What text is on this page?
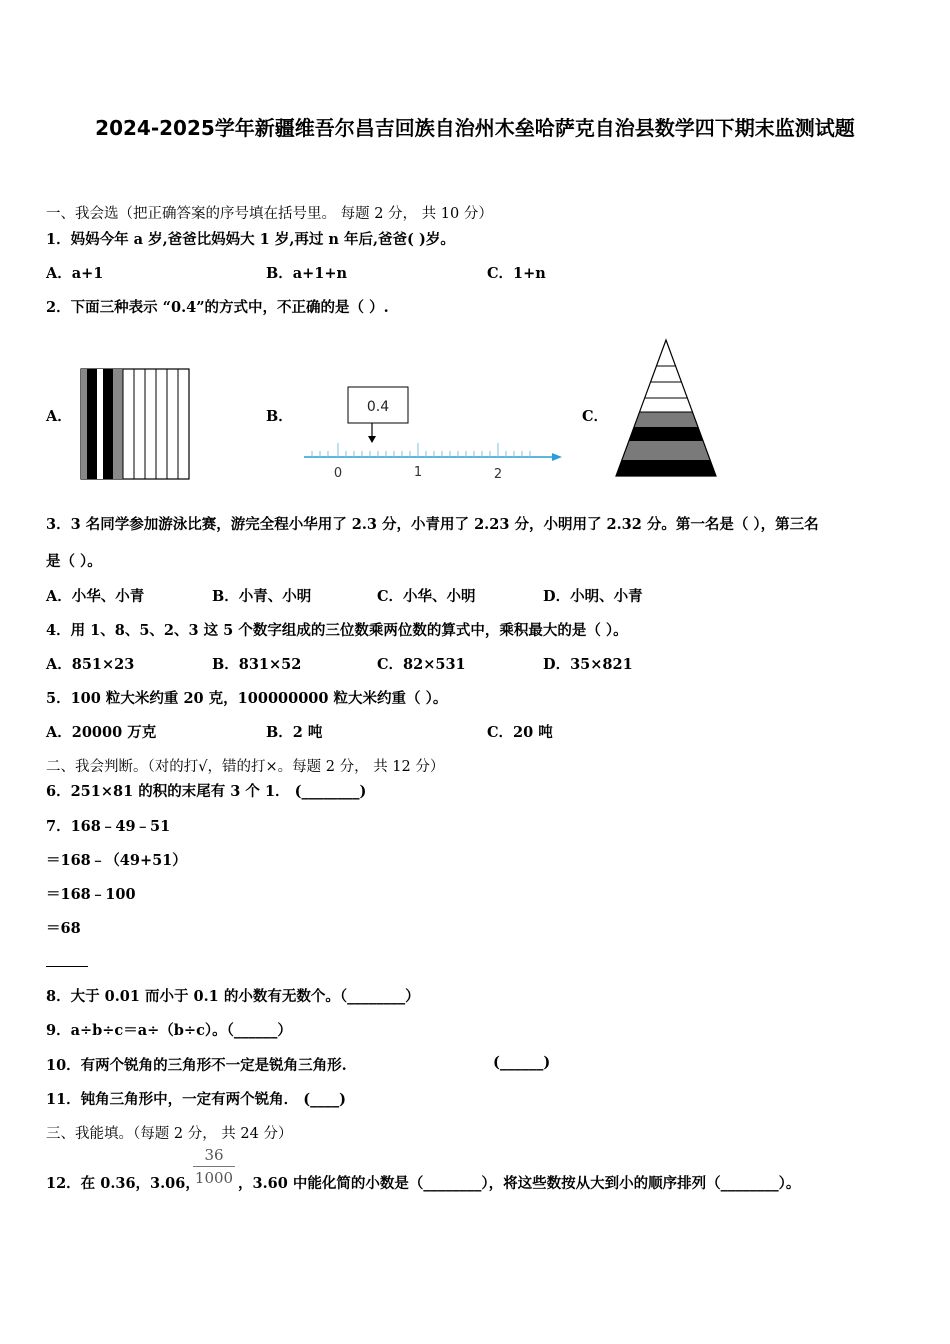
2024-2025学年新疆维吾尔昌吉回族自治州木垒哈萨克自治县数学四下期末监测试题
一、我会选（把正确答案的序号填在括号里。 每题 2 分， 共 10 分）
1．妈妈今年 a 岁,爸爸比妈妈大 1 岁,再过 n 年后,爸爸( )岁。
A．a+1	B．a+1+n	C．1+n
2．下面三种表示 “0.4”的方式中，不正确的是（ ）.
A．	B．	C．
0.4
0	1	2
3．3 名同学参加游泳比赛，游完全程小华用了 2.3 分，小青用了 2.23 分，小明用了 2.32 分。第一名是（ ），第三名
是（ ）。
A．小华、小青	B．小青、小明	C．小华、小明	D．小明、小青
4．用 1、8、5、2、3 这 5 个数字组成的三位数乘两位数的算式中，乘积最大的是（ ）。
A．851×23	B．831×52	C．82×531	D．35×821
5．100 粒大米约重 20 克，100000000 粒大米约重（ ）。
A．20000 万克	B．2 吨	C．20 吨
二、我会判断。（对的打√，错的打×。每题 2 分， 共 12 分）
6．251×81 的积的末尾有 3 个 1． (________)
7．168﹣49﹣51
＝168﹣（49+51）
＝168﹣100
＝68
8．大于 0.01 而小于 0.1 的小数有无数个。（________）
9．a÷b÷c＝a÷（b÷c）。（______）
10．有两个锐角的三角形不一定是锐角三角形.	(______)
11．钝角三角形中，一定有两个锐角． (____)
三、我能填。（每题 2 分， 共 24 分）
12．在 0.36，3.06，
$\frac{36}{1000}$ ，3.60 中能化简的小数是（________），将这些数按从大到小的顺序排列（________）。
